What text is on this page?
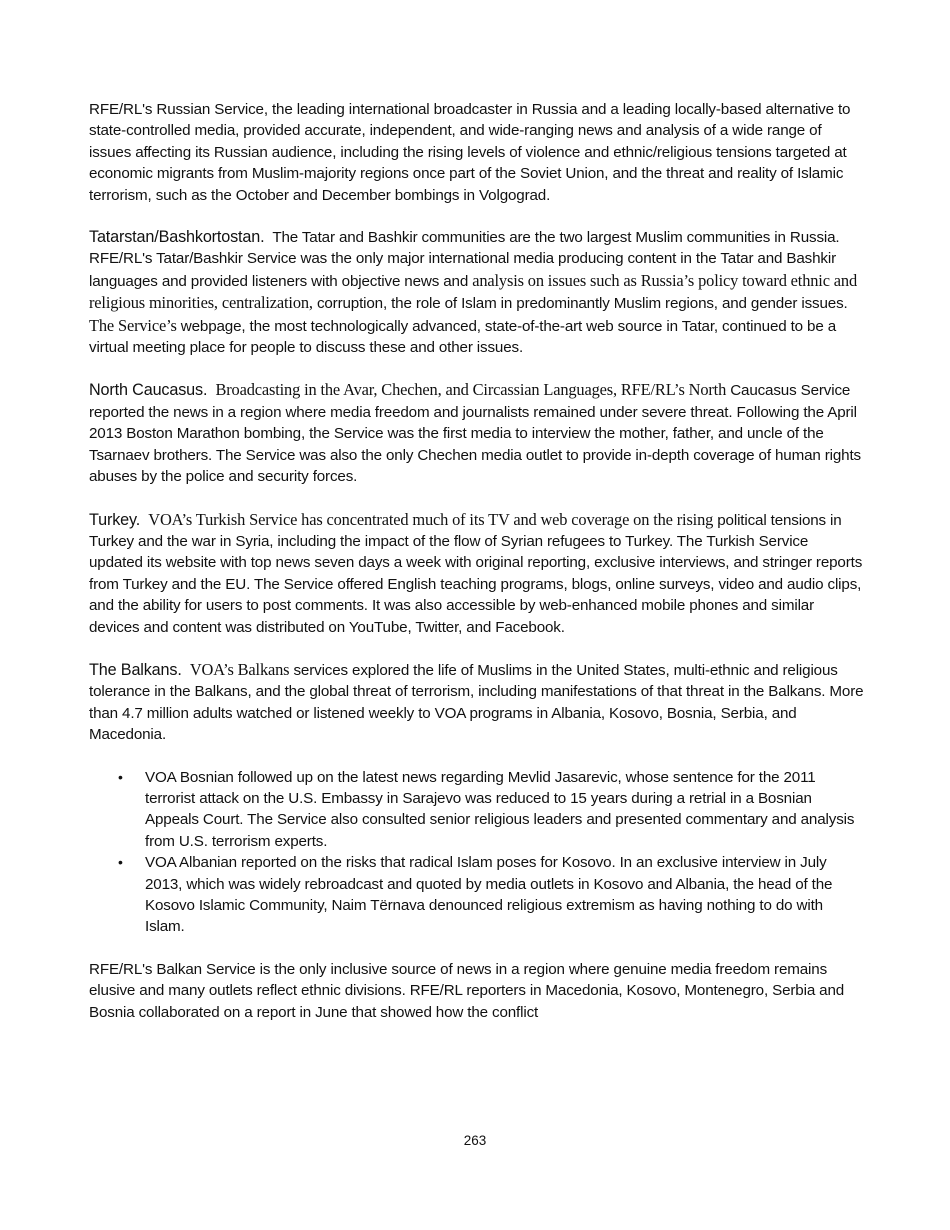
RFE/RL's Russian Service, the leading international broadcaster in Russia and a leading locally-based alternative to state-controlled media, provided accurate, independent, and wide-ranging news and analysis of a wide range of issues affecting its Russian audience, including the rising levels of violence and ethnic/religious tensions targeted at economic migrants from Muslim-majority regions once part of the Soviet Union, and the threat and reality of Islamic terrorism, such as the October and December bombings in Volgograd.

Tatarstan/Bashkortostan. The Tatar and Bashkir communities are the two largest Muslim communities in Russia. RFE/RL's Tatar/Bashkir Service was the only major international media producing content in the Tatar and Bashkir languages and provided listeners with objective news and analysis on issues such as Russia’s policy toward ethnic and religious minorities, centralization, corruption, the role of Islam in predominantly Muslim regions, and gender issues.  The Service’s webpage, the most technologically advanced, state-of-the-art web source in Tatar, continued to be a virtual meeting place for people to discuss these and other issues.

North Caucasus. Broadcasting in the Avar, Chechen, and Circassian Languages, RFE/RL’s North Caucasus Service reported the news in a region where media freedom and journalists remained under severe threat. Following the April 2013 Boston Marathon bombing, the Service was the first media to interview the mother, father, and uncle of the Tsarnaev brothers. The Service was also the only Chechen media outlet to provide in-depth coverage of human rights abuses by the police and security forces.

Turkey. VOA’s Turkish Service has concentrated much of its TV and web coverage on the rising political tensions in Turkey and the war in Syria, including the impact of the flow of Syrian refugees to Turkey. The Turkish Service updated its website with top news seven days a week with original reporting, exclusive interviews, and stringer reports from Turkey and the EU. The Service offered English teaching programs, blogs, online surveys, video and audio clips, and the ability for users to post comments. It was also accessible by web-enhanced mobile phones and similar devices and content was distributed on YouTube, Twitter, and Facebook.

The Balkans. VOA’s Balkans services explored the life of Muslims in the United States, multi-ethnic and religious tolerance in the Balkans, and the global threat of terrorism, including manifestations of that threat in the Balkans. More than 4.7 million adults watched or listened weekly to VOA programs in Albania, Kosovo, Bosnia, Serbia, and Macedonia.

• VOA Bosnian followed up on the latest news regarding Mevlid Jasarevic, whose sentence for the 2011 terrorist attack on the U.S. Embassy in Sarajevo was reduced to 15 years during a retrial in a Bosnian Appeals Court. The Service also consulted senior religious leaders and presented commentary and analysis from U.S. terrorism experts.
• VOA Albanian reported on the risks that radical Islam poses for Kosovo. In an exclusive interview in July 2013, which was widely rebroadcast and quoted by media outlets in Kosovo and Albania, the head of the Kosovo Islamic Community, Naim Tërnava denounced religious extremism as having nothing to do with Islam.

RFE/RL's Balkan Service is the only inclusive source of news in a region where genuine media freedom remains elusive and many outlets reflect ethnic divisions. RFE/RL reporters in Macedonia, Kosovo, Montenegro, Serbia and Bosnia collaborated on a report in June that showed how the conflict

263
